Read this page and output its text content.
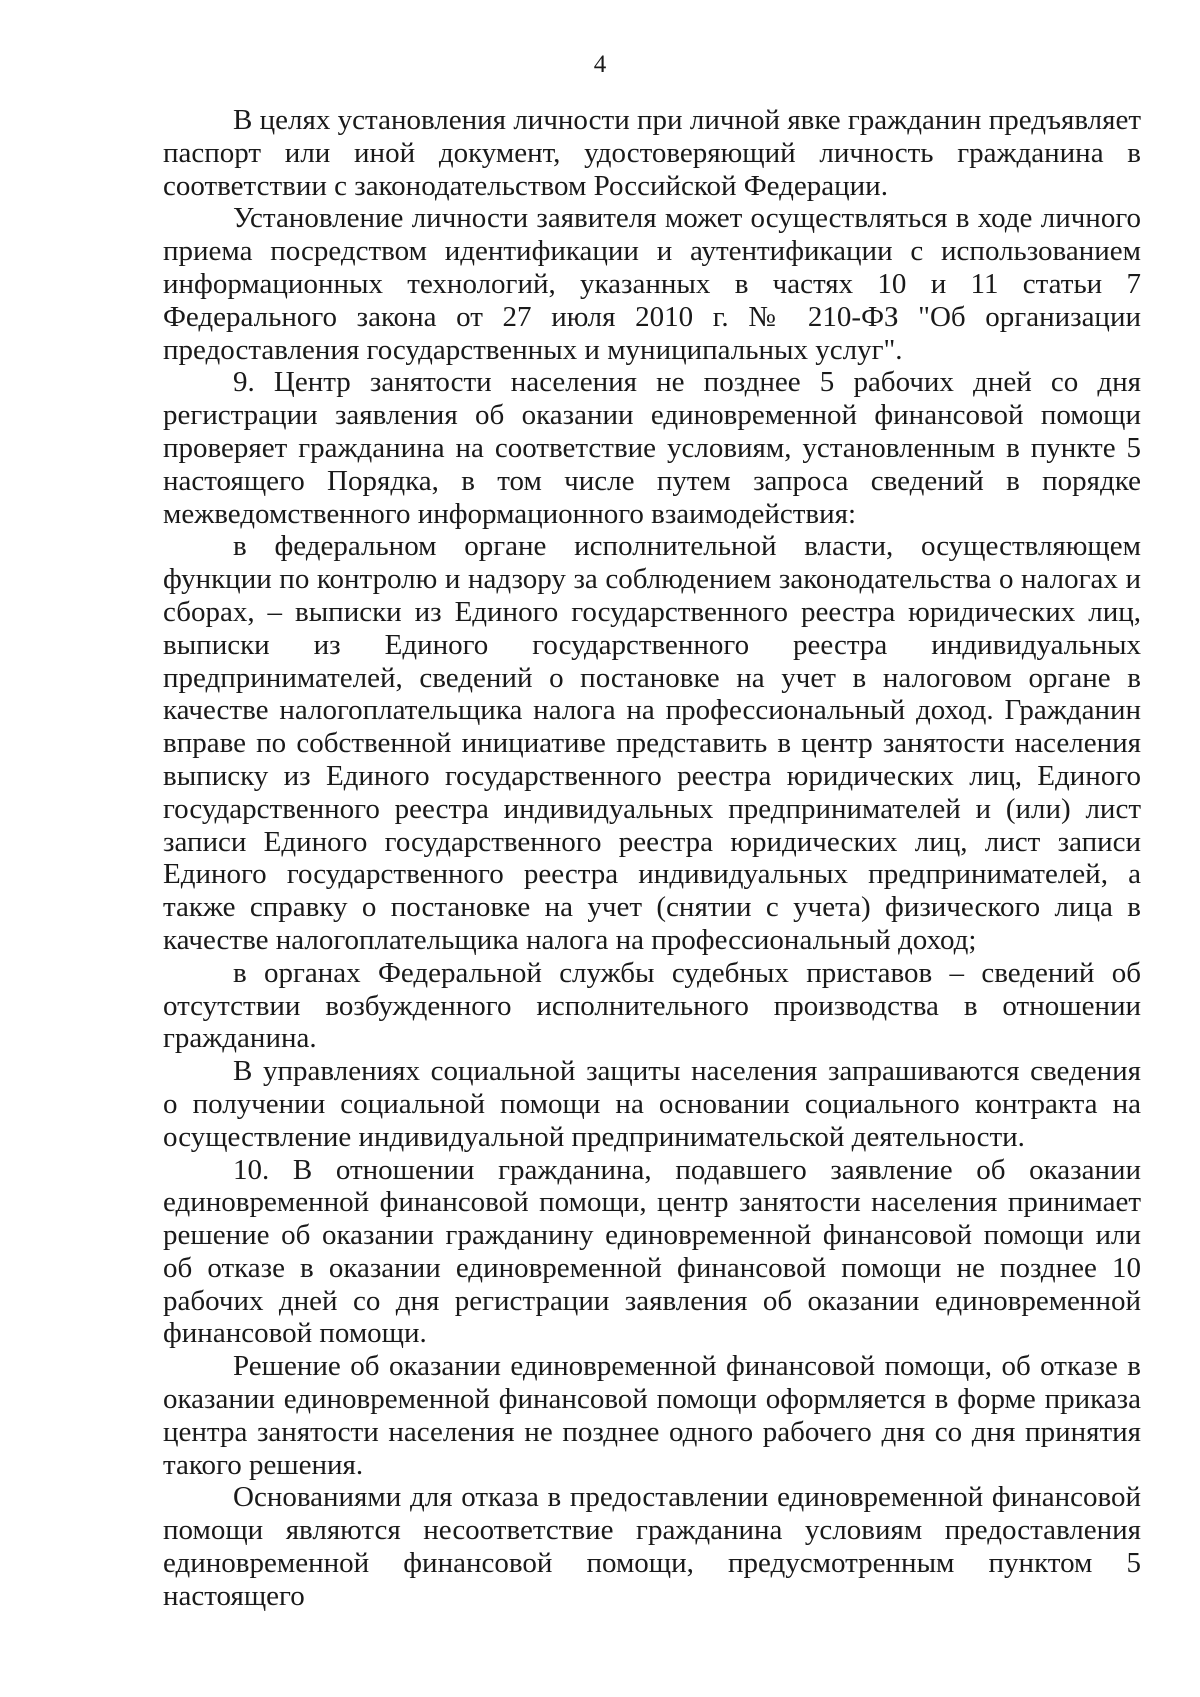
4

В целях установления личности при личной явке гражданин предъявляет паспорт или иной документ, удостоверяющий личность гражданина в соответствии с законодательством Российской Федерации.

Установление личности заявителя может осуществляться в ходе личного приема посредством идентификации и аутентификации с использованием информационных технологий, указанных в частях 10 и 11 статьи 7 Федерального закона от 27 июля 2010 г. № 210-ФЗ "Об организации предоставления государственных и муниципальных услуг".

9. Центр занятости населения не позднее 5 рабочих дней со дня регистрации заявления об оказании единовременной финансовой помощи проверяет гражданина на соответствие условиям, установленным в пункте 5 настоящего Порядка, в том числе путем запроса сведений в порядке межведомственного информационного взаимодействия:

в федеральном органе исполнительной власти, осуществляющем функции по контролю и надзору за соблюдением законодательства о налогах и сборах, – выписки из Единого государственного реестра юридических лиц, выписки из Единого государственного реестра индивидуальных предпринимателей, сведений о постановке на учет в налоговом органе в качестве налогоплательщика налога на профессиональный доход. Гражданин вправе по собственной инициативе представить в центр занятости населения выписку из Единого государственного реестра юридических лиц, Единого государственного реестра индивидуальных предпринимателей и (или) лист записи Единого государственного реестра юридических лиц, лист записи Единого государственного реестра индивидуальных предпринимателей, а также справку о постановке на учет (снятии с учета) физического лица в качестве налогоплательщика налога на профессиональный доход;

в органах Федеральной службы судебных приставов – сведений об отсутствии возбужденного исполнительного производства в отношении гражданина.

В управлениях социальной защиты населения запрашиваются сведения о получении социальной помощи на основании социального контракта на осуществление индивидуальной предпринимательской деятельности.

10. В отношении гражданина, подавшего заявление об оказании единовременной финансовой помощи, центр занятости населения принимает решение об оказании гражданину единовременной финансовой помощи или об отказе в оказании единовременной финансовой помощи не позднее 10 рабочих дней со дня регистрации заявления об оказании единовременной финансовой помощи.

Решение об оказании единовременной финансовой помощи, об отказе в оказании единовременной финансовой помощи оформляется в форме приказа центра занятости населения не позднее одного рабочего дня со дня принятия такого решения.

Основаниями для отказа в предоставлении единовременной финансовой помощи являются несоответствие гражданина условиям предоставления единовременной финансовой помощи, предусмотренным пунктом 5 настоящего
